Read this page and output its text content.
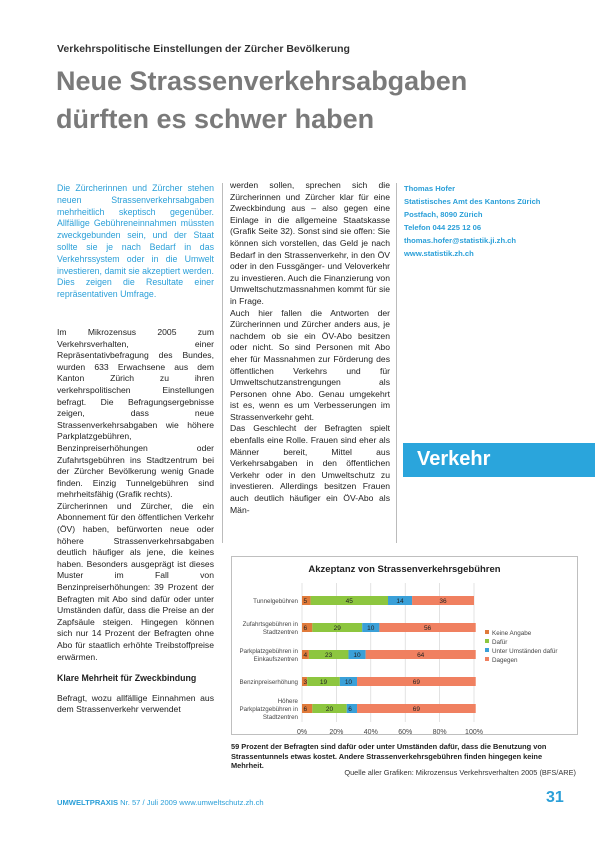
Verkehrspolitische Einstellungen der Zürcher Bevölkerung
Neue Strassenverkehrsabgaben
dürften es schwer haben

Die Zürcherinnen und Zürcher stehen neuen Strassenverkehrsabgaben mehrheitlich skeptisch gegenüber. Allfällige Gebühreneinnahmen müssten zweckgebunden sein, und der Staat sollte sie je nach Bedarf in das Verkehrssystem oder in die Umwelt investieren, damit sie akzeptiert werden. Dies zeigen die Resultate einer repräsentativen Umfrage.

Im Mikrozensus 2005 zum Verkehrsverhalten, einer Repräsentativbefragung des Bundes, wurden 633 Erwachsene aus dem Kanton Zürich zu ihren verkehrspolitischen Einstellungen befragt. Die Befragungsergebnisse zeigen, dass neue Strassenverkehrsabgaben wie höhere Parkplatzgebühren, Benzinpreiserhöhungen oder Zufahrtsgebühren ins Stadtzentrum bei der Zürcher Bevölkerung wenig Gnade finden. Einzig Tunnelgebühren sind mehrheitsfähig (Grafik rechts).

Zürcherinnen und Zürcher, die ein Abonnement für den öffentlichen Verkehr (ÖV) haben, befürworten neue oder höhere Strassenverkehrsabgaben deutlich häufiger als jene, die keines haben. Besonders ausgeprägt ist dieses Muster im Fall von Benzinpreiserhöhungen: 39 Prozent der Befragten mit Abo sind dafür oder unter Umständen dafür, dass die Preise an der Zapfsäule steigen. Hingegen können sich nur 14 Prozent der Befragten ohne Abo für staatlich erhöhte Treibstoffpreise erwärmen.

Klare Mehrheit für Zweckbindung

Befragt, wozu allfällige Einnahmen aus dem Strassenverkehr verwendet

werden sollen, sprechen sich die Zürcherinnen und Zürcher klar für eine Zweckbindung aus – also gegen eine Einlage in die allgemeine Staatskasse (Grafik Seite 32). Sonst sind sie offen: Sie können sich vorstellen, das Geld je nach Bedarf in den Strassenverkehr, in den ÖV oder in den Fussgänger- und Veloverkehr zu investieren. Auch die Finanzierung von Umweltschutzmassnahmen kommt für sie in Frage.

Auch hier fallen die Antworten der Zürcherinnen und Zürcher anders aus, je nachdem ob sie ein ÖV-Abo besitzen oder nicht. So sind Personen mit Abo eher für Massnahmen zur Förderung des öffentlichen Verkehrs und für Umweltschutzanstrengungen als Personen ohne Abo. Genau umgekehrt ist es, wenn es um Verbesserungen im Strassenverkehr geht.

Das Geschlecht der Befragten spielt ebenfalls eine Rolle. Frauen sind eher als Männer bereit, Mittel aus Verkehrsabgaben in den öffentlichen Verkehr oder in den Umweltschutz zu investieren. Allerdings besitzen Frauen auch deutlich häufiger ein ÖV-Abo als Män-

Thomas Hofer
Statistisches Amt des Kantons Zürich
Postfach, 8090 Zürich
Telefon 044 225 12 06
thomas.hofer@statistik.ji.zh.ch
www.statistik.zh.ch
Verkehr
Akzeptanz von Strassenverkehrsgebühren
0%	20%	40%	60%	80%	100%
Tunnelgebühren 5	45	14	36
Zufahrtsgebühren in
Stadtzentren
6	29	10	56
Parkplatzgebühren in
Einkaufszentren
4	23	10	64
Benzinpreiserhöhung 3 19	10	69
Höhere
Parkplatzgebühren in
Stadtzentren
6	20 6	69
Keine Angabe
Dafür
Unter Umständen dafür
Dagegen
59 Prozent der Befragten sind dafür oder unter Umständen dafür, dass die Benutzung von Strassentunnels etwas kostet. Andere Strassenverkehrsgebühren finden hingegen keine Mehrheit.
Quelle aller Grafiken: Mikrozensus Verkehrsverhalten 2005 (BFS/ARE)
UMWELTPRAXIS Nr. 57 / Juli 2009 www.umweltschutz.zh.ch	31
